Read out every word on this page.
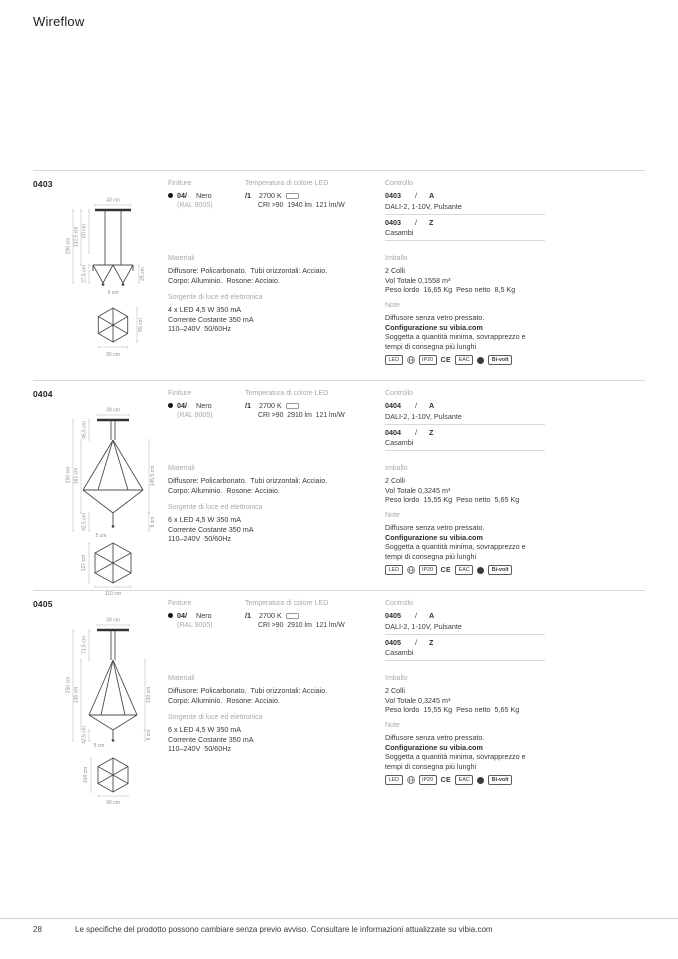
Wireflow
0403
43 cm
200 cm 132,5 cm 60 cm
27,5 cm	25 cm
5 cm
55 cm
55 cm
Finiture
04/ Nero
(RAL 9005)
Temperatura di colore LED
/1 2700 K
CRI >90  1940 lm  121 lm/W
Controllo
0403 / A
DALI-2, 1-10V, Pulsante
0403 / Z
Casambi
Materiali
Diffusore: Policarbonato.  Tubi orizzontali: Acciaio.
Corpo: Alluminio.  Rosone: Acciaio.
Imballo
2 Colli
Vol Totale 0,1558 m³
Peso lordo  16,65 Kg  Peso netto  8,5 Kg
Sorgente di luce ed elettronica
4 x LED 4,5 W 350 mA
Corrente Costante 350 mA
110–240V  50/60Hz
Note
Diffusore senza vetro pressato.
Configurazione su vibia.com
Soggetta a quantità minima, sovrapprezzo e
tempi di consegna più lunghi
LED	IP20	CE	EAC	Bi-volt
0404
39 cm
250 cm
46,5 cm
161 cm
42,5 cm
145,5 cm
9 cm
5 cm
127 cm
110 cm
Finiture
04/ Nero
(RAL 9005)
Temperatura di colore LED
/1 2700 K
CRI >90  2910 lm  121 lm/W
Controllo
0404 / A
DALI-2, 1-10V, Pulsante
0404 / Z
Casambi
Materiali
Diffusore: Policarbonato.  Tubi orizzontali: Acciaio.
Corpo: Alluminio.  Rosone: Acciaio.
Imballo
2 Colli
Vol Totale 0,3245 m³
Peso lordo  15,55 Kg  Peso netto  5,65 Kg
Sorgente di luce ed elettronica
6 x LED 4,5 W 350 mA
Corrente Costante 350 mA
110–240V  50/60Hz
Note
Diffusore senza vetro pressato.
Configurazione su vibia.com
Soggetta a quantità minima, sovrapprezzo e
tempi di consegna più lunghi
LED	IP20	CE	EAC	Bi-volt
0405
39 cm
250 cm
71,5 cm
136 cm
42,5 cm
120 cm
9 cm
5 cm
104 cm
90 cm
Finiture
04/ Nero
(RAL 9005)
Temperatura di colore LED
/1 2700 K
CRI >90  2910 lm  121 lm/W
Controllo
0405 / A
DALI-2, 1-10V, Pulsante
0405 / Z
Casambi
Materiali
Diffusore: Policarbonato.  Tubi orizzontali: Acciaio.
Corpo: Alluminio.  Rosone: Acciaio.
Imballo
2 Colli
Vol Totale 0,3245 m³
Peso lordo  15,55 Kg  Peso netto  5,65 Kg
Sorgente di luce ed elettronica
6 x LED 4,5 W 350 mA
Corrente Costante 350 mA
110–240V  50/60Hz
Note
Diffusore senza vetro pressato.
Configurazione su vibia.com
Soggetta a quantità minima, sovrapprezzo e
tempi di consegna più lunghi
LED	IP20	CE	EAC	Bi-volt
28	Le specifiche del prodotto possono cambiare senza previo avviso. Consultare le informazioni attualizzate su vibia.com
